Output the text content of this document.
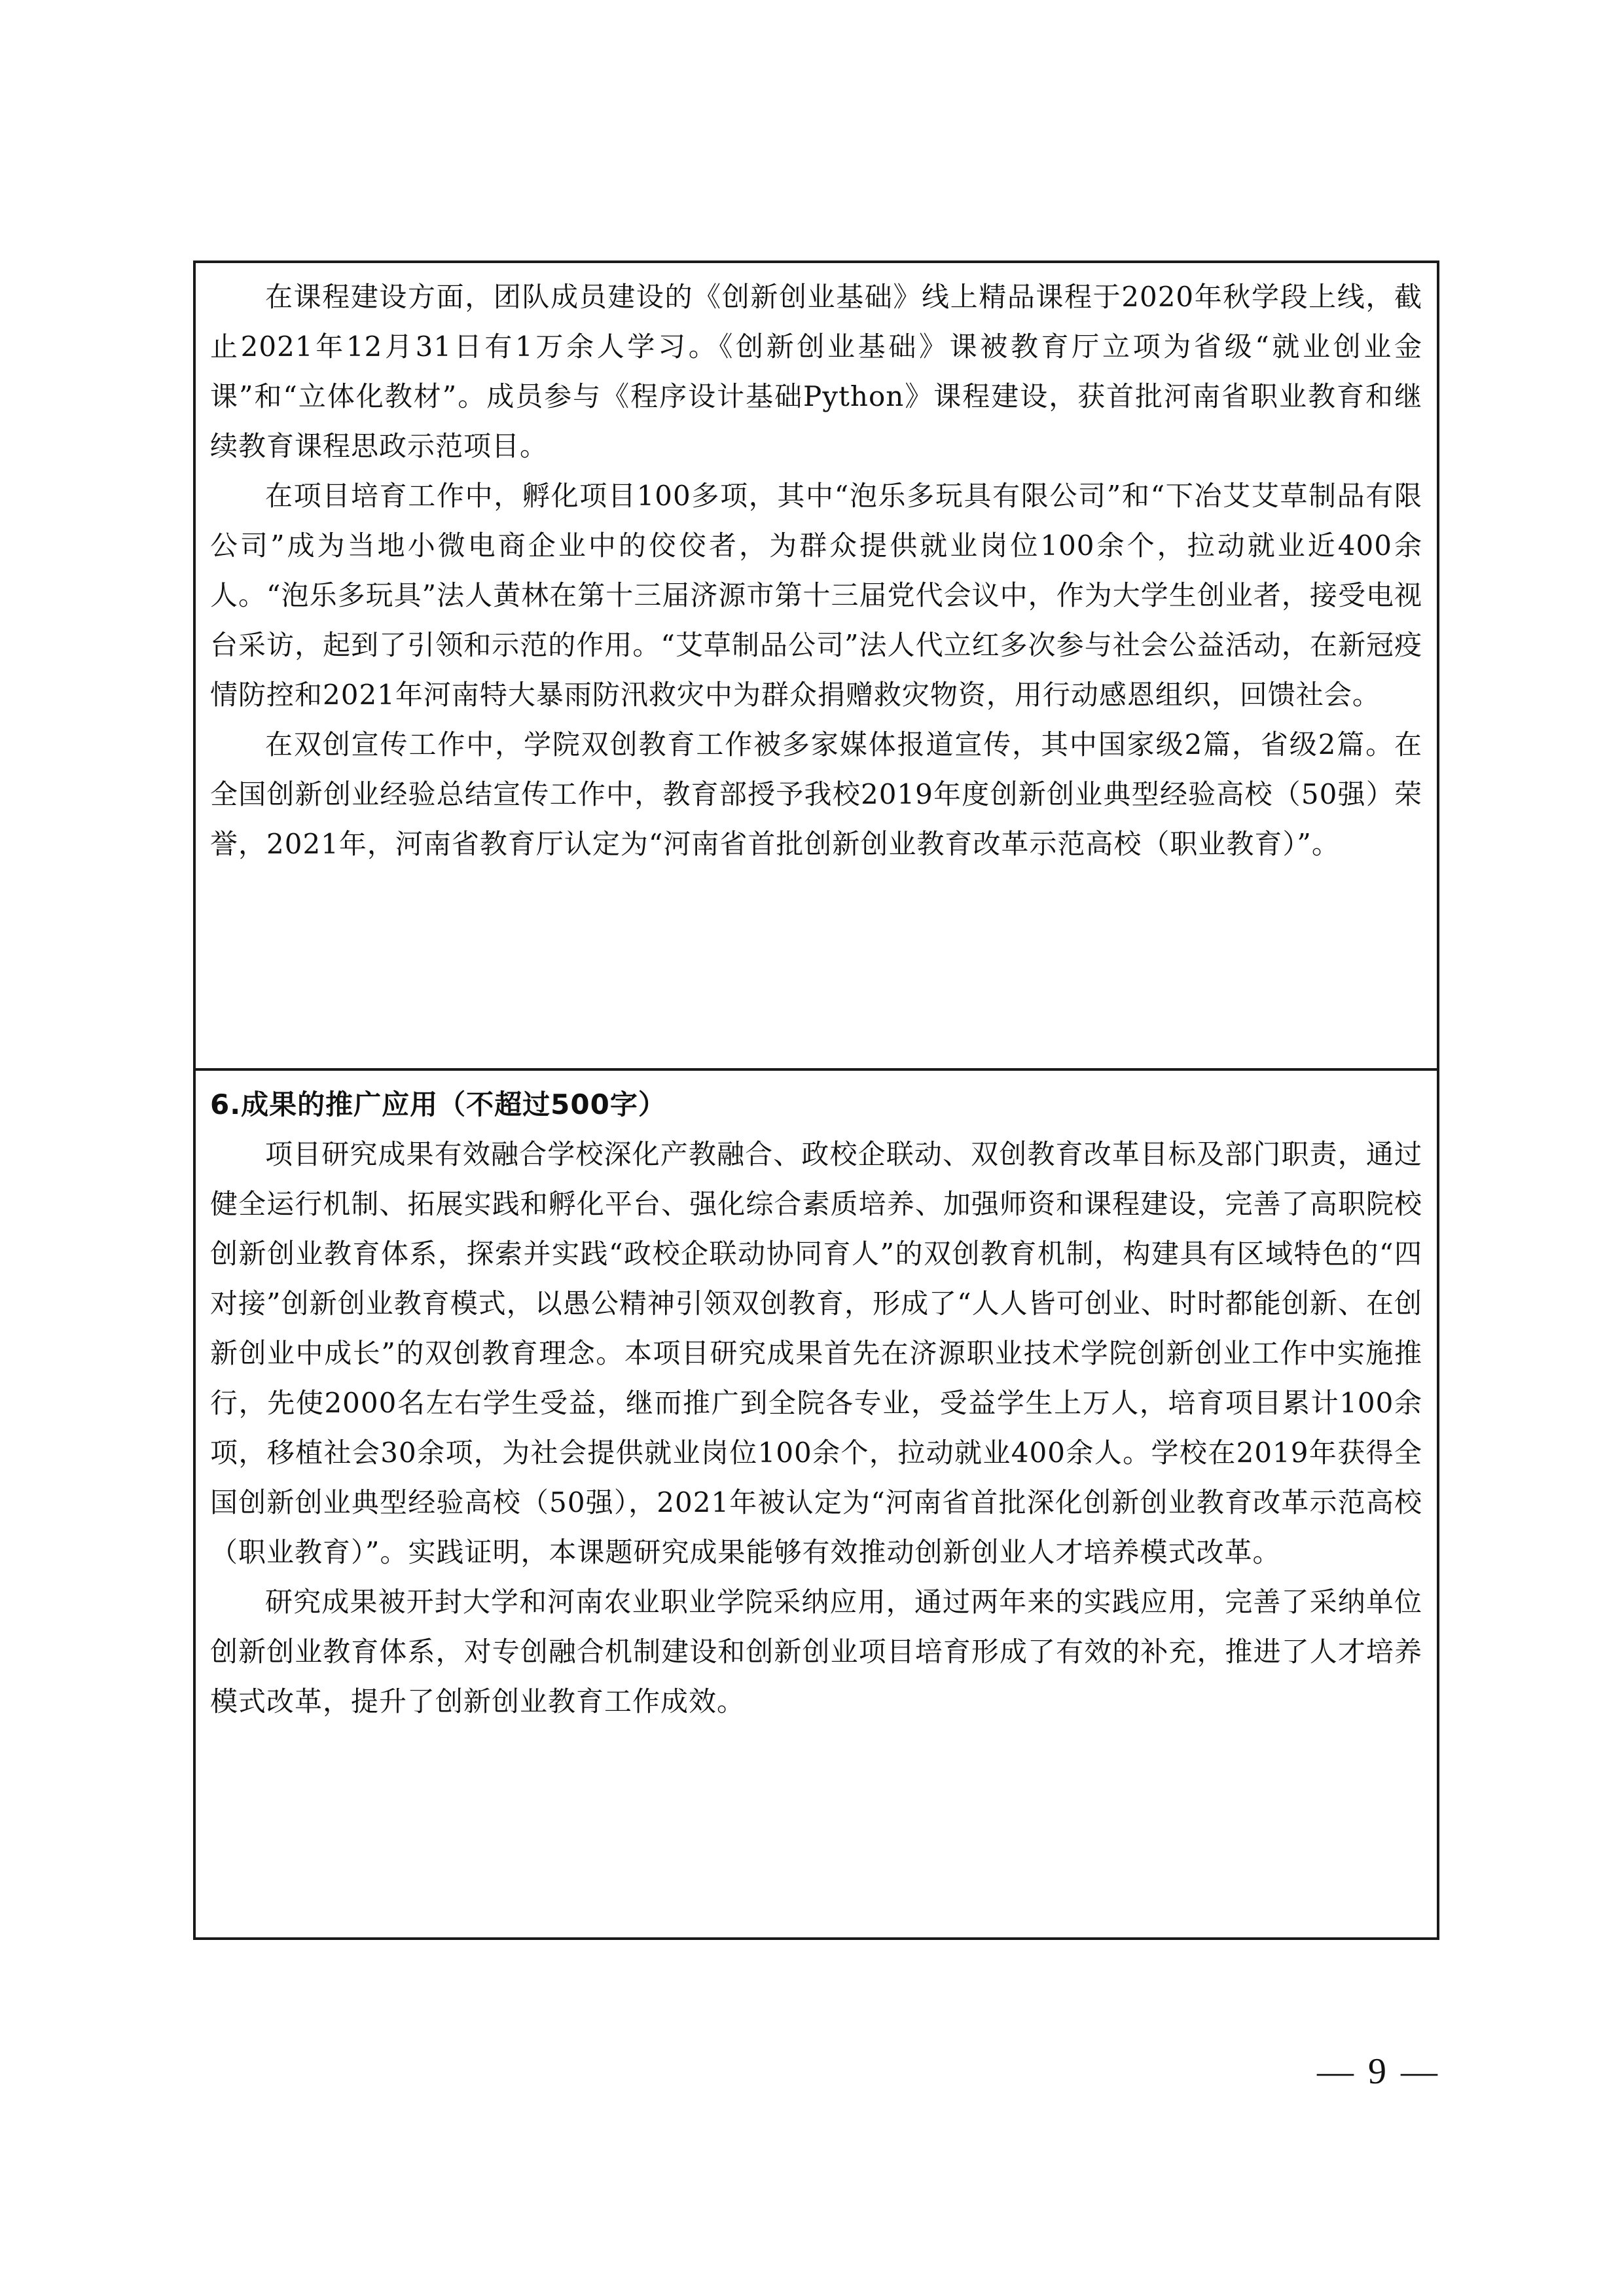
在课程建设方面，团队成员建设的《创新创业基础》线上精品课程于2020年秋学段上线，截止2021年12月31日有1万余人学习。《创新创业基础》课被教育厅立项为省级“就业创业金课”和“立体化教材”。成员参与《程序设计基础Python》课程建设，获首批河南省职业教育和继续教育课程思政示范项目。

在项目培育工作中，孵化项目100多项，其中“泡乐多玩具有限公司”和“下冶艾艾草制品有限公司”成为当地小微电商企业中的佼佼者，为群众提供就业岗位100余个，拉动就业近400余人。“泡乐多玩具”法人黄林在第十三届济源市第十三届党代会议中，作为大学生创业者，接受电视台采访，起到了引领和示范的作用。“艾草制品公司”法人代立红多次参与社会公益活动，在新冠疫情防控和2021年河南特大暴雨防汛救灾中为群众捐赠救灾物资，用行动感恩组织，回馈社会。

在双创宣传工作中，学院双创教育工作被多家媒体报道宣传，其中国家级2篇，省级2篇。在全国创新创业经验总结宣传工作中，教育部授予我校2019年度创新创业典型经验高校（50强）荣誉，2021年，河南省教育厅认定为“河南省首批创新创业教育改革示范高校（职业教育）”。

6.成果的推广应用（不超过500字）

项目研究成果有效融合学校深化产教融合、政校企联动、双创教育改革目标及部门职责，通过健全运行机制、拓展实践和孵化平台、强化综合素质培养、加强师资和课程建设，完善了高职院校创新创业教育体系，探索并实践“政校企联动协同育人”的双创教育机制，构建具有区域特色的“四对接”创新创业教育模式，以愚公精神引领双创教育，形成了“人人皆可创业、时时都能创新、在创新创业中成长”的双创教育理念。本项目研究成果首先在济源职业技术学院创新创业工作中实施推行，先使2000名左右学生受益，继而推广到全院各专业，受益学生上万人，培育项目累计100余项，移植社会30余项，为社会提供就业岗位100余个，拉动就业400余人。学校在2019年获得全国创新创业典型经验高校（50强），2021年被认定为“河南省首批深化创新创业教育改革示范高校（职业教育）”。实践证明，本课题研究成果能够有效推动创新创业人才培养模式改革。

研究成果被开封大学和河南农业职业学院采纳应用，通过两年来的实践应用，完善了采纳单位创新创业教育体系，对专创融合机制建设和创新创业项目培育形成了有效的补充，推进了人才培养模式改革，提升了创新创业教育工作成效。

— 9 —
